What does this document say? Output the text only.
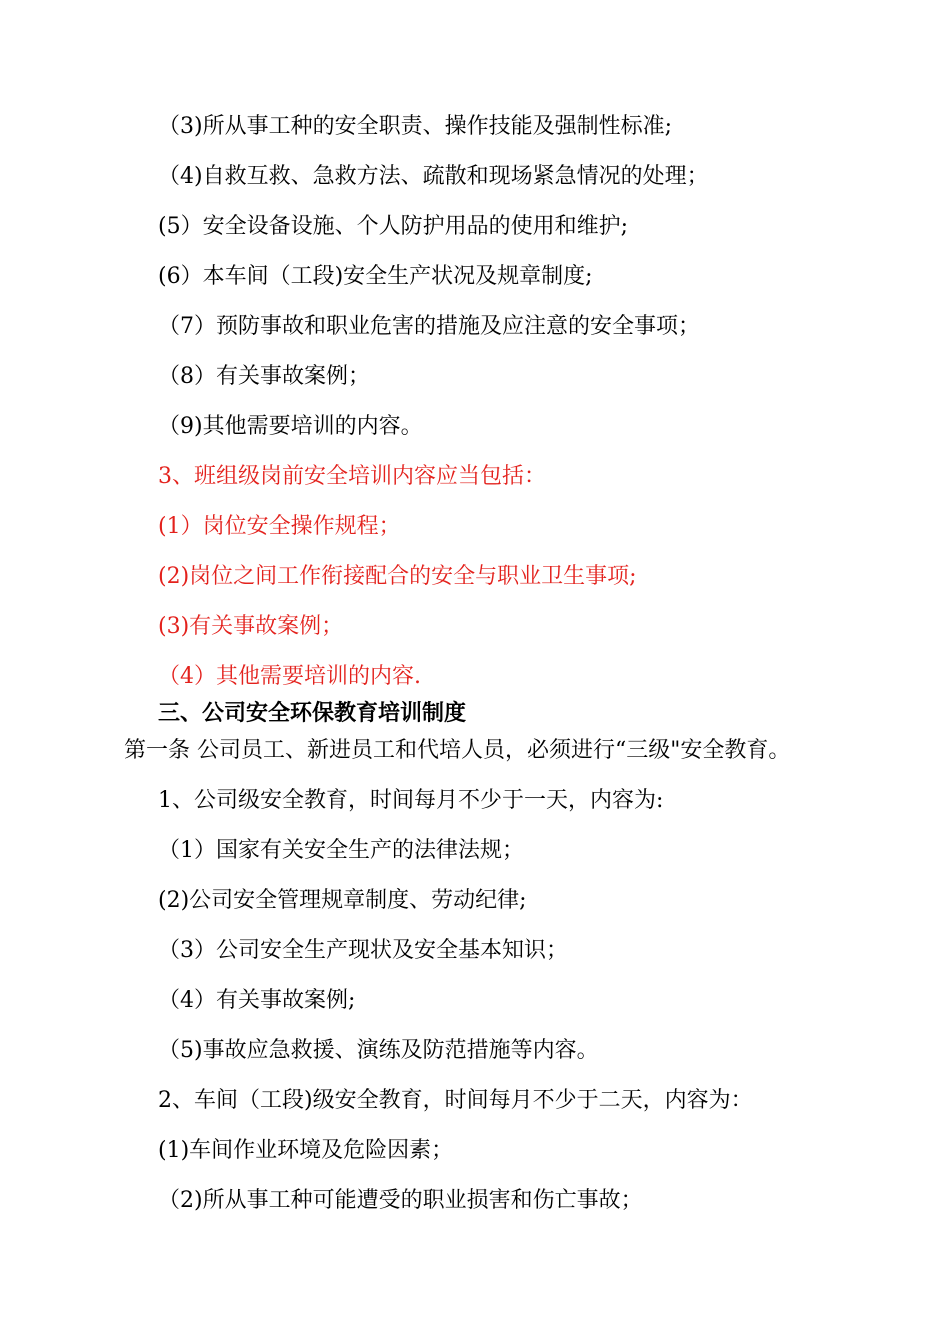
（3)所从事工种的安全职责、操作技能及强制性标准;

（4)自救互救、急救方法、疏散和现场紧急情况的处理；

(5）安全设备设施、个人防护用品的使用和维护;

(6）本车间（工段)安全生产状况及规章制度;

（7）预防事故和职业危害的措施及应注意的安全事项；

（8）有关事故案例；

（9)其他需要培训的内容。

3、班组级岗前安全培训内容应当包括：

(1）岗位安全操作规程；

(2)岗位之间工作衔接配合的安全与职业卫生事项;

(3)有关事故案例；

（4）其他需要培训的内容.

三、公司安全环保教育培训制度

第一条 公司员工、新进员工和代培人员，必须进行“三级"安全教育。

1、公司级安全教育，时间每月不少于一天，内容为:

（1）国家有关安全生产的法律法规；

(2)公司安全管理规章制度、劳动纪律;

（3）公司安全生产现状及安全基本知识；

（4）有关事故案例;

（5)事故应急救援、演练及防范措施等内容。

2、车间（工段)级安全教育，时间每月不少于二天，内容为：

(1)车间作业环境及危险因素；

（2)所从事工种可能遭受的职业损害和伤亡事故；
